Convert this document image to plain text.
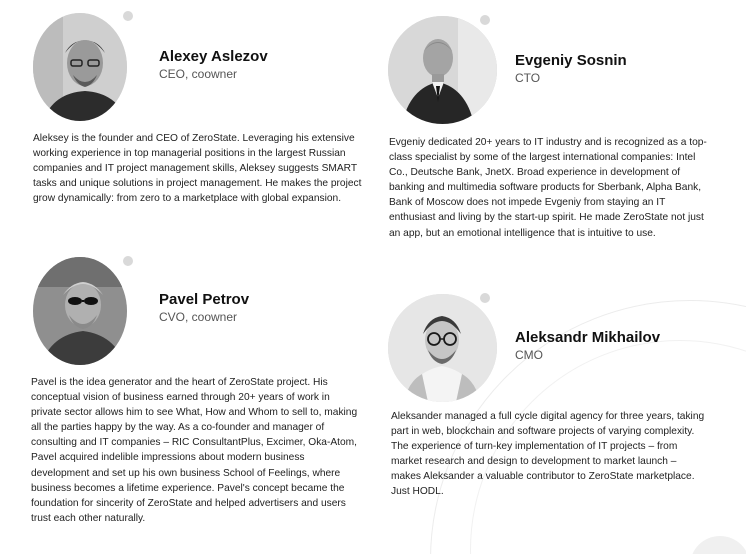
Alexey Aslezov
CEO, coowner
Aleksey is the founder and CEO of ZeroState. Leveraging his extensive working experience in top managerial positions in the largest Russian companies and IT project management skills, Aleksey suggests SMART tasks and unique solutions in project management. He makes the project grow dynamically: from zero to a marketplace with global expansion.
Evgeniy Sosnin
CTO
Evgeniy dedicated 20+ years to IT industry and is recognized as a top-class specialist by some of the largest international companies: Intel Co., Deutsche Bank, JnetX. Broad experience in development of banking and multimedia software products for Sberbank, Alpha Bank, Bank of Moscow does not impede Evgeniy from staying an IT enthusiast and living by the start-up spirit. He made ZeroState not just an app, but an emotional intelligence that is intuitive to use.
Pavel Petrov
CVO, coowner
Pavel is the idea generator and the heart of ZeroState project. His conceptual vision of business earned through 20+ years of work in private sector allows him to see What, How and Whom to sell to, making all the parties happy by the way. As a co-founder and manager of consulting and IT companies – RIC ConsultantPlus, Excimer, Oka-Atom, Pavel acquired indelible impressions about modern business development and set up his own business School of Feelings, where business becomes a lifetime experience. Pavel's concept became the foundation for sincerity of ZeroState and helped advertisers and users trust each other naturally.
Aleksandr Mikhailov
CMO
Aleksander managed a full cycle digital agency for three years, taking part in web, blockchain and software projects of varying complexity. The experience of turn-key implementation of IT projects – from market research and design to development to market launch – makes Aleksander a valuable contributor to ZeroState marketplace. Just HODL.
